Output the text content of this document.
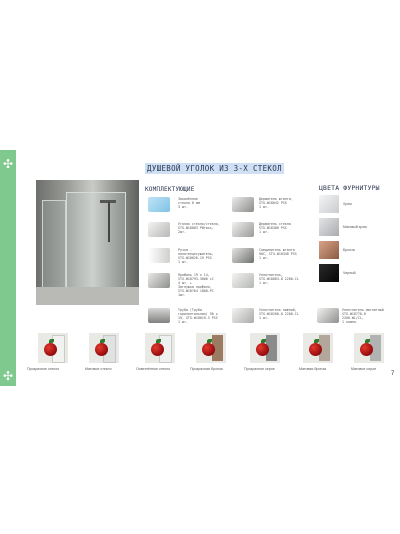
✣
✣
ДУШЕВОЙ УГОЛОК ИЗ 3-Х СТЕКОЛ
КОМПЛЕКТУЮЩИЕ	ЦВЕТА ФУРНИТУРЫ
Закалённое
стекло 8 мм
3 шт.
Уголок стекло/стекло,
STG-W18083 PBrass,
2шт.
Ручка -
полотенцесушитель,
STG-W18026-19 PSS
1 шт.
Профиль 19 х 14,
STG-W18793-3000 сС
4 шт. +
Заглушка профиля,
STG-W18764 1000-PC
1шт.
Труба (Труба
горизонтальная) 90 х
19, STG-W18019-3 PSS
1 шт.
Держатель штанги,
STG-W18042 PSS
1 шт.
Держатель стекла
STG-W18386 PSS
1 шт.
Соединитель штанга
90С, STG-W18348 PSS
1 шт.
Уплотнитель,
STG-W18083-8 2200-CL
1 шт.
Уплотнитель нижний,
STG-W18200-8 2200-CL
1 шт.
Уплотнитель магнитный
STG-W18770-8
2200-WL/CL,
1 компл.
Хром
Матовый хром
Бронза
Черный
Прозрачное стекло	Матовое стекло	Осветлённое стекло	Прозрачная бронза	Прозрачное серое	Матовая бронза	Матовое серое
7
